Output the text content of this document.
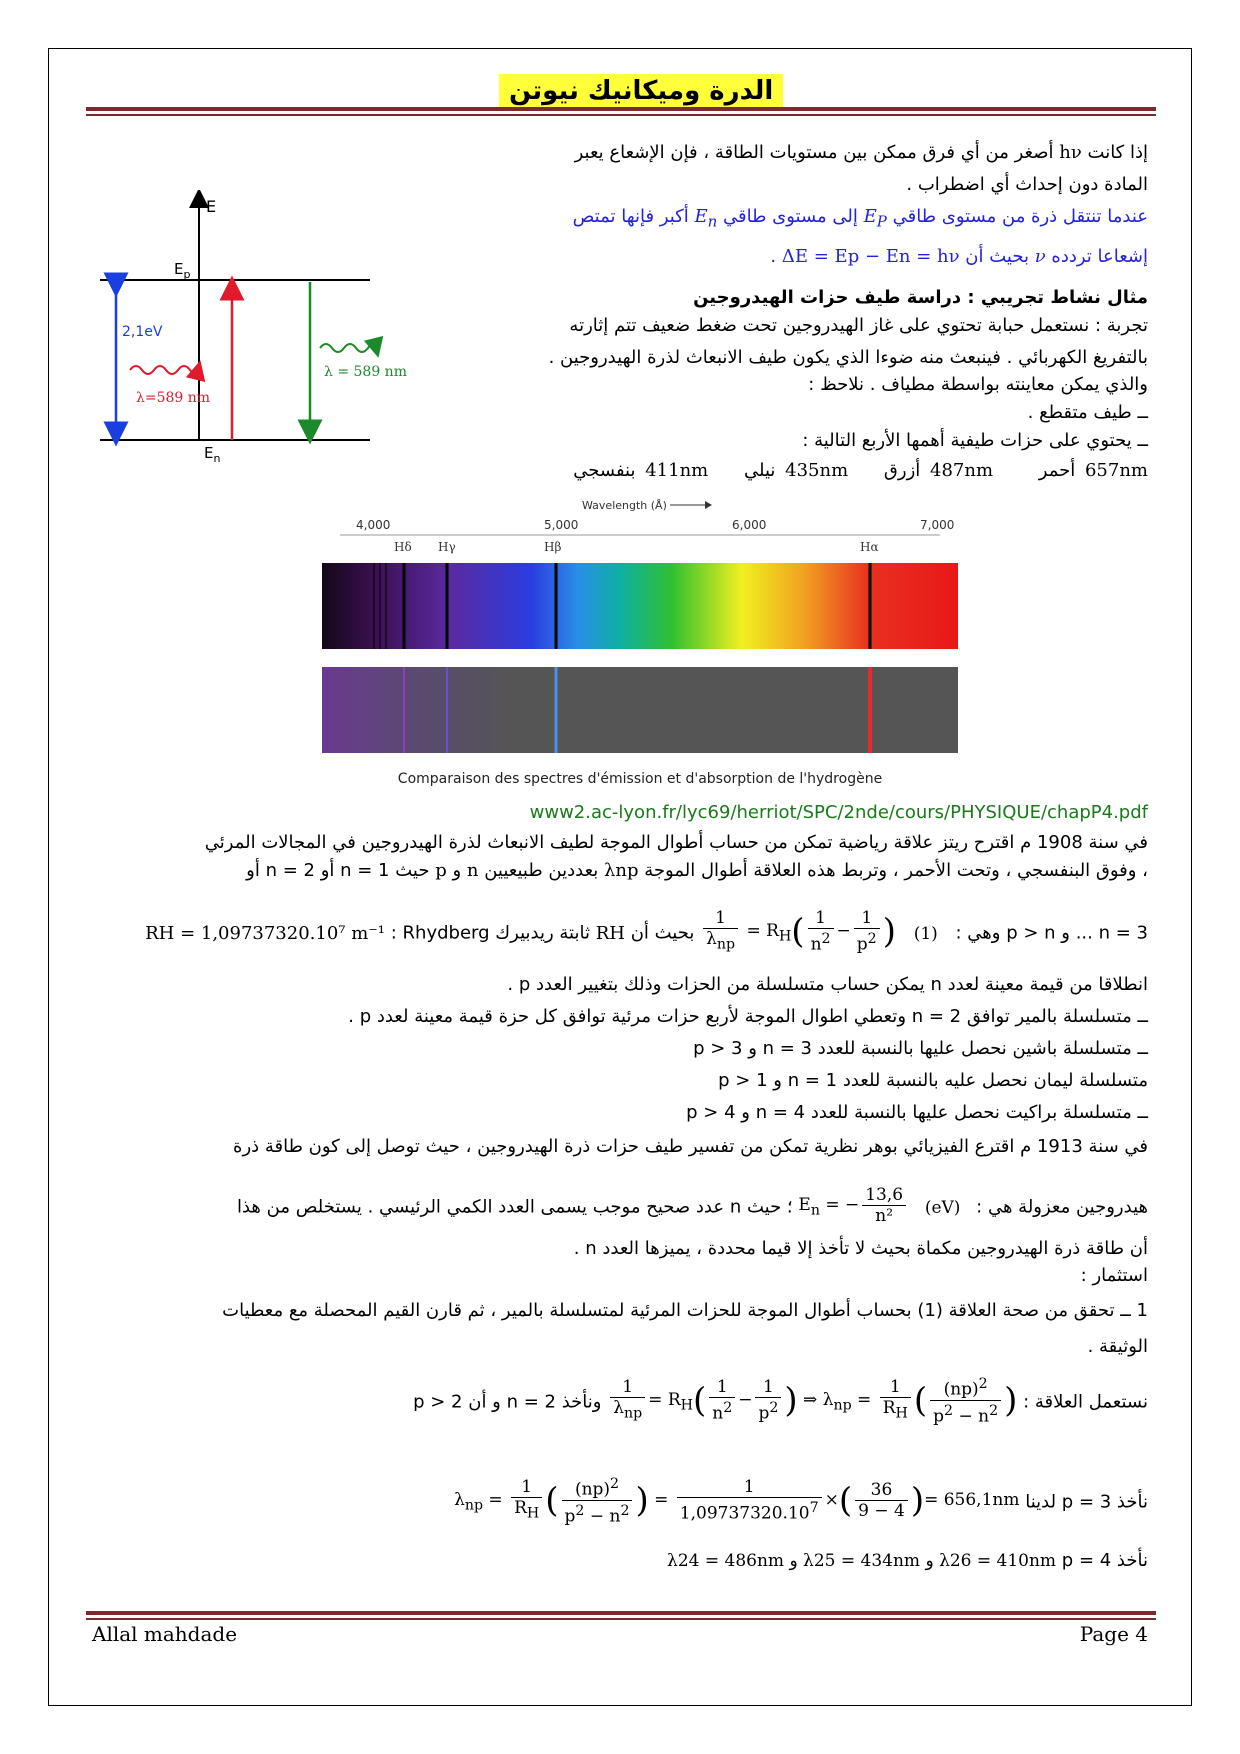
الدرة وميكانيك نيوتن
إذا كانت hν أصغر من أي فرق ممكن بين مستويات الطاقة ، فإن الإشعاع يعبر
المادة دون إحداث أي اضطراب .
عندما تنتقل ذرة من مستوى طاقي $E_P$ إلى مستوى طاقي $E_n$ أكبر فإنها تمتص
إشعاعا تردده ν بحيث أن ΔE = Ep − En = hν .
مثال نشاط تجريبي : دراسة طيف حزات الهيدروجين
تجربة : نستعمل حبابة تحتوي على غاز الهيدروجين تحت ضغط ضعيف تتم إثارته
بالتفريغ الكهربائي . فينبعث منه ضوءا الذي يكون طيف الانبعاث لذرة الهيدروجين .
والذي يمكن معاينته بواسطة مطياف . نلاحظ :
ــ طيف متقطع .
ــ يحتوي على حزات طيفية أهمها الأربع التالية :
657nm أحمر 487nm أزرق 435nm نيلي 411nm بنفسجي
E
$E_p$
$E_n$
2,1eV
λ=589 nm
λ = 589 nm
Wavelength (Å)
4,000	5,000	6,000	7,000
Hδ Hγ	Hβ	Hα
Comparaison des spectres d'émission et d'absorption de l'hydrogène
www2.ac-lyon.fr/lyc69/herriot/SPC/2nde/cours/PHYSIQUE/chapP4.pdf
في سنة 1908 م اقترح ريتز علاقة رياضية تمكن من حساب أطوال الموجة لطيف الانبعاث لذرة الهيدروجين في المجالات المرئي
، وفوق البنفسجي ، وتحت الأحمر ، وتربط هذه العلاقة أطوال الموجة λnp بعددين طبيعيين n و p حيث n = 1 أو n = 2 أو
n = 3 ... و p > n وهي : (1)
$\frac{1}{\lambda_{np}} = R_H( \frac{1}{n^2} - \frac{1}{p^2}$ ) بحيث أن RH ثابتة ريدبيرك Rhydberg : RH = 1,09737320.10⁷ m⁻¹
انطلاقا من قيمة معينة لعدد n يمكن حساب متسلسلة من الحزات وذلك بتغيير العدد p .
ــ متسلسلة بالمير توافق n = 2 وتعطي اطوال الموجة لأربع حزات مرئية توافق كل حزة قيمة معينة لعدد p .
ــ متسلسلة باشين نحصل عليها بالنسبة للعدد n = 3 و p > 3
متسلسلة ليمان نحصل عليه بالنسبة للعدد n = 1 و p > 1
ــ متسلسلة براكيت نحصل عليها بالنسبة للعدد n = 4 و p > 4
في سنة 1913 م اقترع الفيزيائي بوهر نظرية تمكن من تفسير طيف حزات ذرة الهيدروجين ، حيث توصل إلى كون طاقة ذرة
هيدروجين معزولة هي : (eV) $E_n$ = − $\frac{13,6}{\text{n²}}$
؛ حيث n عدد صحيح موجب يسمى العدد الكمي الرئيسي . يستخلص من هذا
أن طاقة ذرة الهيدروجين مكماة بحيث لا تأخذ إلا قيما محددة ، يميزها العدد n .
استثمار :
1 ــ تحقق من صحة العلاقة (1) بحساب أطوال الموجة للحزات المرئية لمتسلسلة بالمير ، ثم قارن القيم المحصلة مع معطيات
الوثيقة .
نستعمل العلاقة :
$\frac{1}{\lambda_{np}} = R_H( \frac{1}{n^2} - \frac{1}{p^2}$ ) ⇒ $\lambda_{np} = \frac{1}{R_H}$ ( $\frac{(np)^2}{p^2 - n^2}$ ) ونأخذ n = 2 و أن p > 2
نأخذ p = 3 لدينا $\lambda_{np} = \frac{1}{R_H}$ ( $\frac{(np)^2}{p^2 - n^2}$ ) = $\frac{1}{1,09737320.10^7}$ ×( $\frac{36}{9 - 4}$ )= 656,1nm
نأخذ p = 4 λ24 = 486nm و λ25 = 434nm و λ26 = 410nm
Allal mahdade	Page 4
